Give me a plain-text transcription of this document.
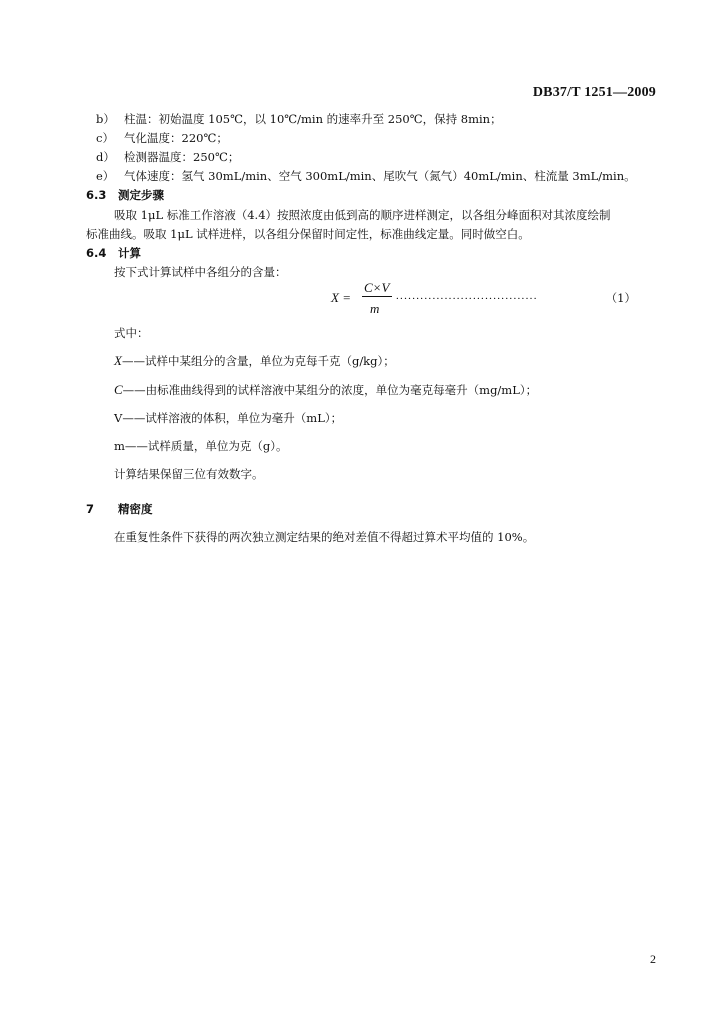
DB37/T 1251—2009
b） 柱温：初始温度 105℃，以 10℃/min 的速率升至 250℃，保持 8min；
c） 气化温度：220℃；
d） 检测器温度：250℃；
e） 气体速度：氢气 30mL/min、空气 300mL/min、尾吹气（氮气）40mL/min、柱流量 3mL/min。
6.3 测定步骤
吸取 1μL 标准工作溶液（4.4）按照浓度由低到高的顺序进样测定，以各组分峰面积对其浓度绘制
标准曲线。吸取 1μL 试样进样，以各组分保留时间定性，标准曲线定量。同时做空白。
6.4 计算
按下式计算试样中各组分的含量：
X =
C×V
m
...................................	（1）
式中：
X——试样中某组分的含量，单位为克每千克（g/kg）；
C——由标准曲线得到的试样溶液中某组分的浓度，单位为毫克每毫升（mg/mL）；
V——试样溶液的体积，单位为毫升（mL）；
m——试样质量，单位为克（g）。
计算结果保留三位有效数字。
7 精密度
在重复性条件下获得的两次独立测定结果的绝对差值不得超过算术平均值的 10%。
2
